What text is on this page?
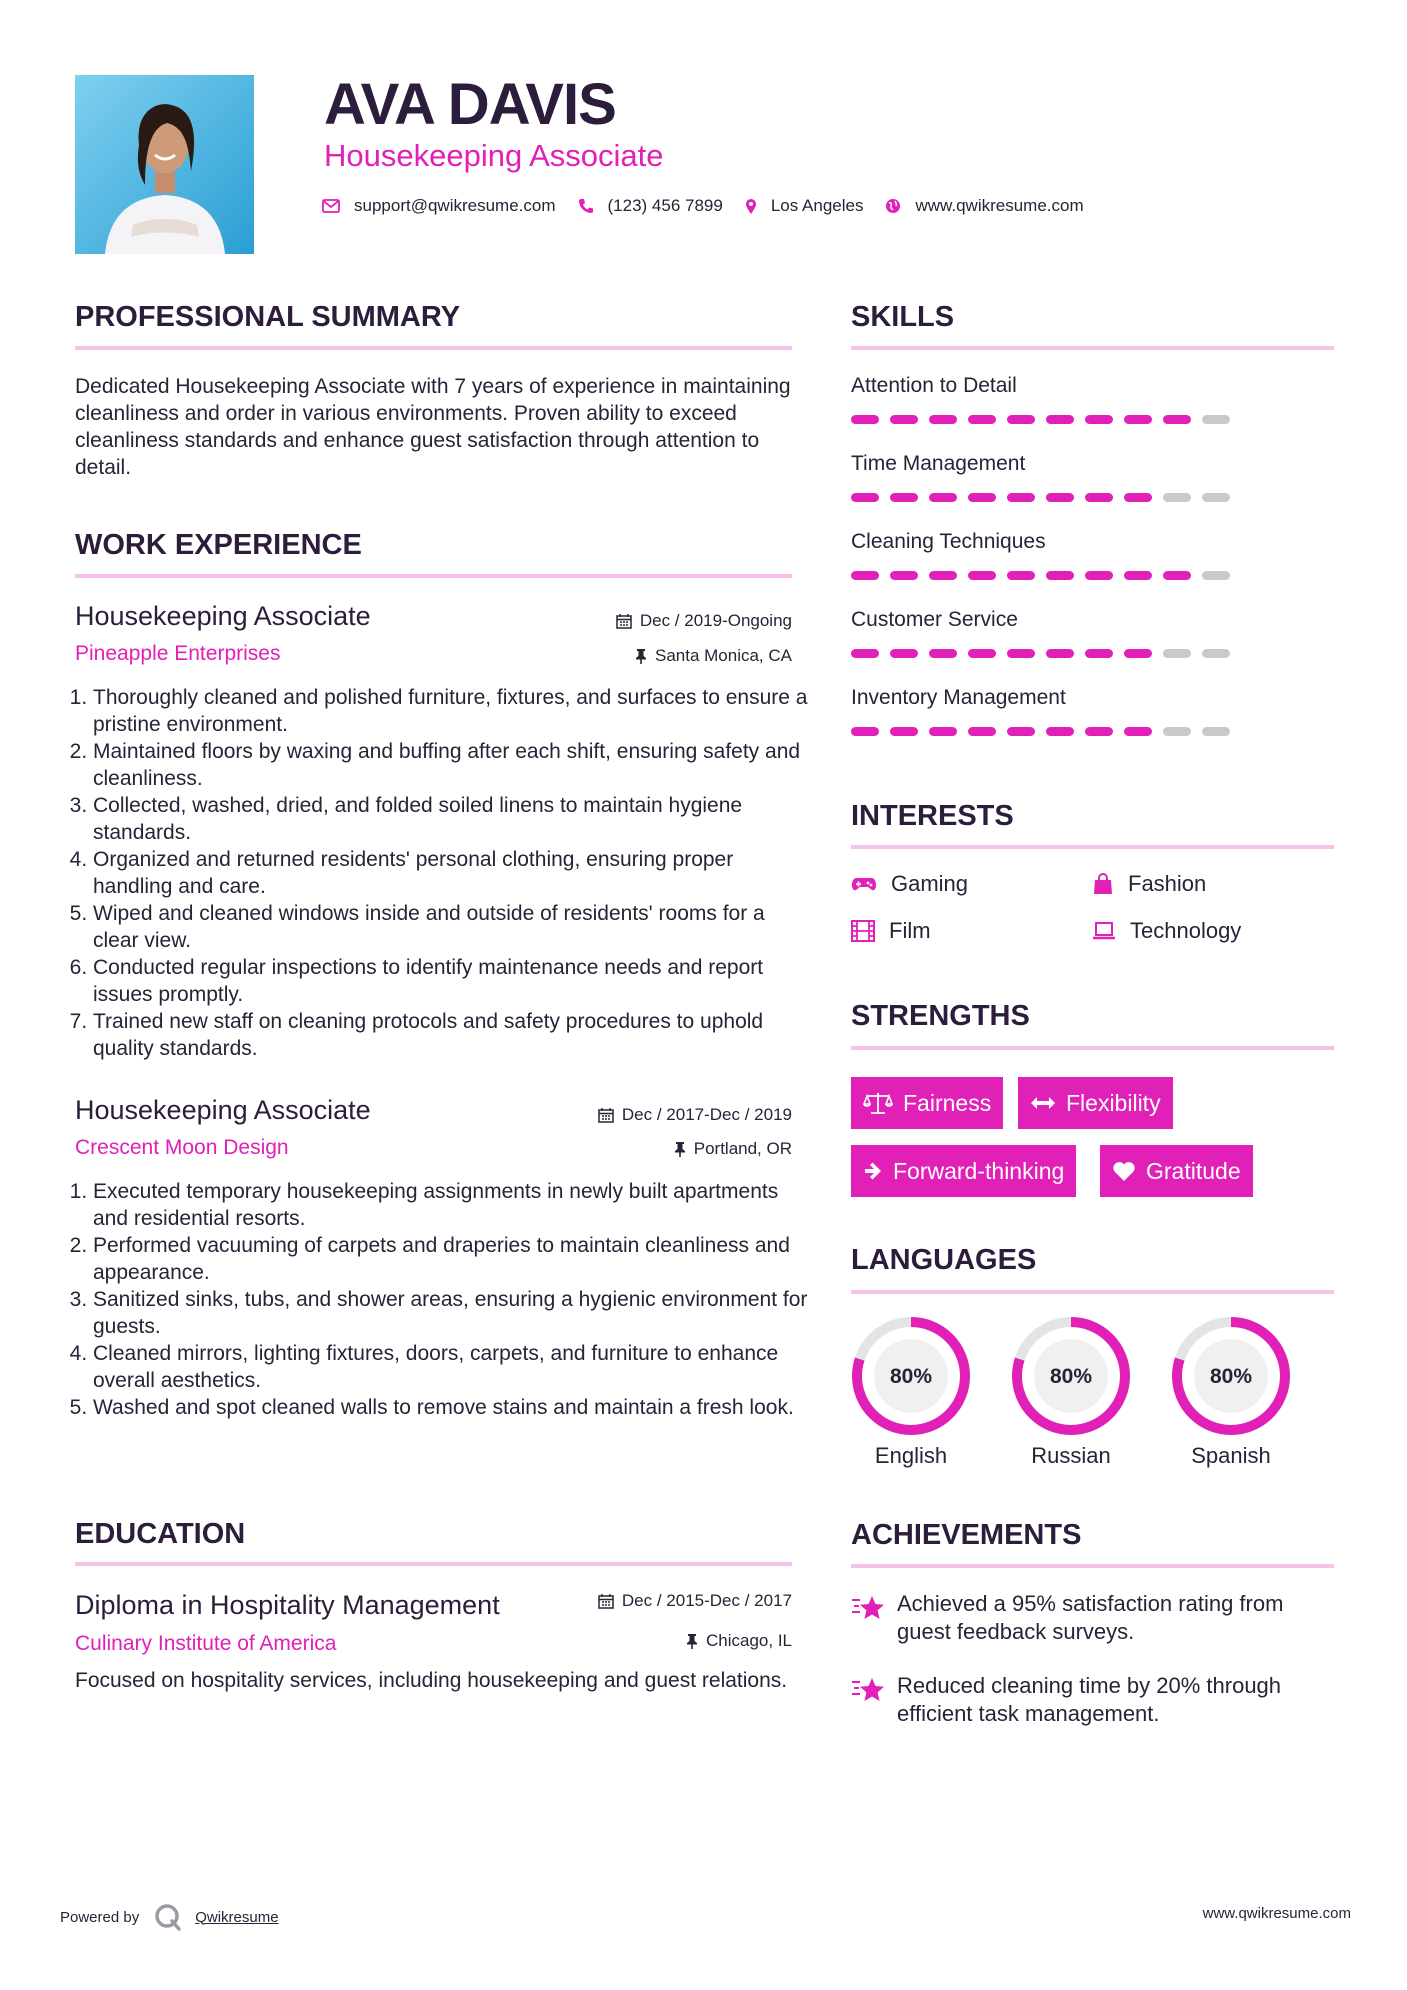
AVA DAVIS
Housekeeping Associate
support@qwikresume.com	(123) 456 7899	Los Angeles	www.qwikresume.com
PROFESSIONAL SUMMARY
Dedicated Housekeeping Associate with 7 years of experience in maintaining cleanliness and order in various environments. Proven ability to exceed cleanliness standards and enhance guest satisfaction through attention to detail.
WORK EXPERIENCE
Housekeeping Associate	Dec / 2019-Ongoing
Pineapple Enterprises	Santa Monica, CA
1. Thoroughly cleaned and polished furniture, fixtures, and surfaces to ensure a pristine environment.
2. Maintained floors by waxing and buffing after each shift, ensuring safety and cleanliness.
3. Collected, washed, dried, and folded soiled linens to maintain hygiene standards.
4. Organized and returned residents' personal clothing, ensuring proper handling and care.
5. Wiped and cleaned windows inside and outside of residents' rooms for a clear view.
6. Conducted regular inspections to identify maintenance needs and report issues promptly.
7. Trained new staff on cleaning protocols and safety procedures to uphold quality standards.
Housekeeping Associate	Dec / 2017-Dec / 2019
Crescent Moon Design	Portland, OR
1. Executed temporary housekeeping assignments in newly built apartments and residential resorts.
2. Performed vacuuming of carpets and draperies to maintain cleanliness and appearance.
3. Sanitized sinks, tubs, and shower areas, ensuring a hygienic environment for guests.
4. Cleaned mirrors, lighting fixtures, doors, carpets, and furniture to enhance overall aesthetics.
5. Washed and spot cleaned walls to remove stains and maintain a fresh look.
EDUCATION
Diploma in Hospitality Management	Dec / 2015-Dec / 2017
Culinary Institute of America	Chicago, IL
Focused on hospitality services, including housekeeping and guest relations.
SKILLS
Attention to Detail
Time Management
Cleaning Techniques
Customer Service
Inventory Management
INTERESTS
Gaming	Fashion
Film	Technology
STRENGTHS
Fairness	Flexibility
Forward-thinking	Gratitude
LANGUAGES
80%
English
80%
Russian
80%
Spanish
ACHIEVEMENTS
Achieved a 95% satisfaction rating from guest feedback surveys.
Reduced cleaning time by 20% through efficient task management.
Powered by	Qwikresume	www.qwikresume.com
